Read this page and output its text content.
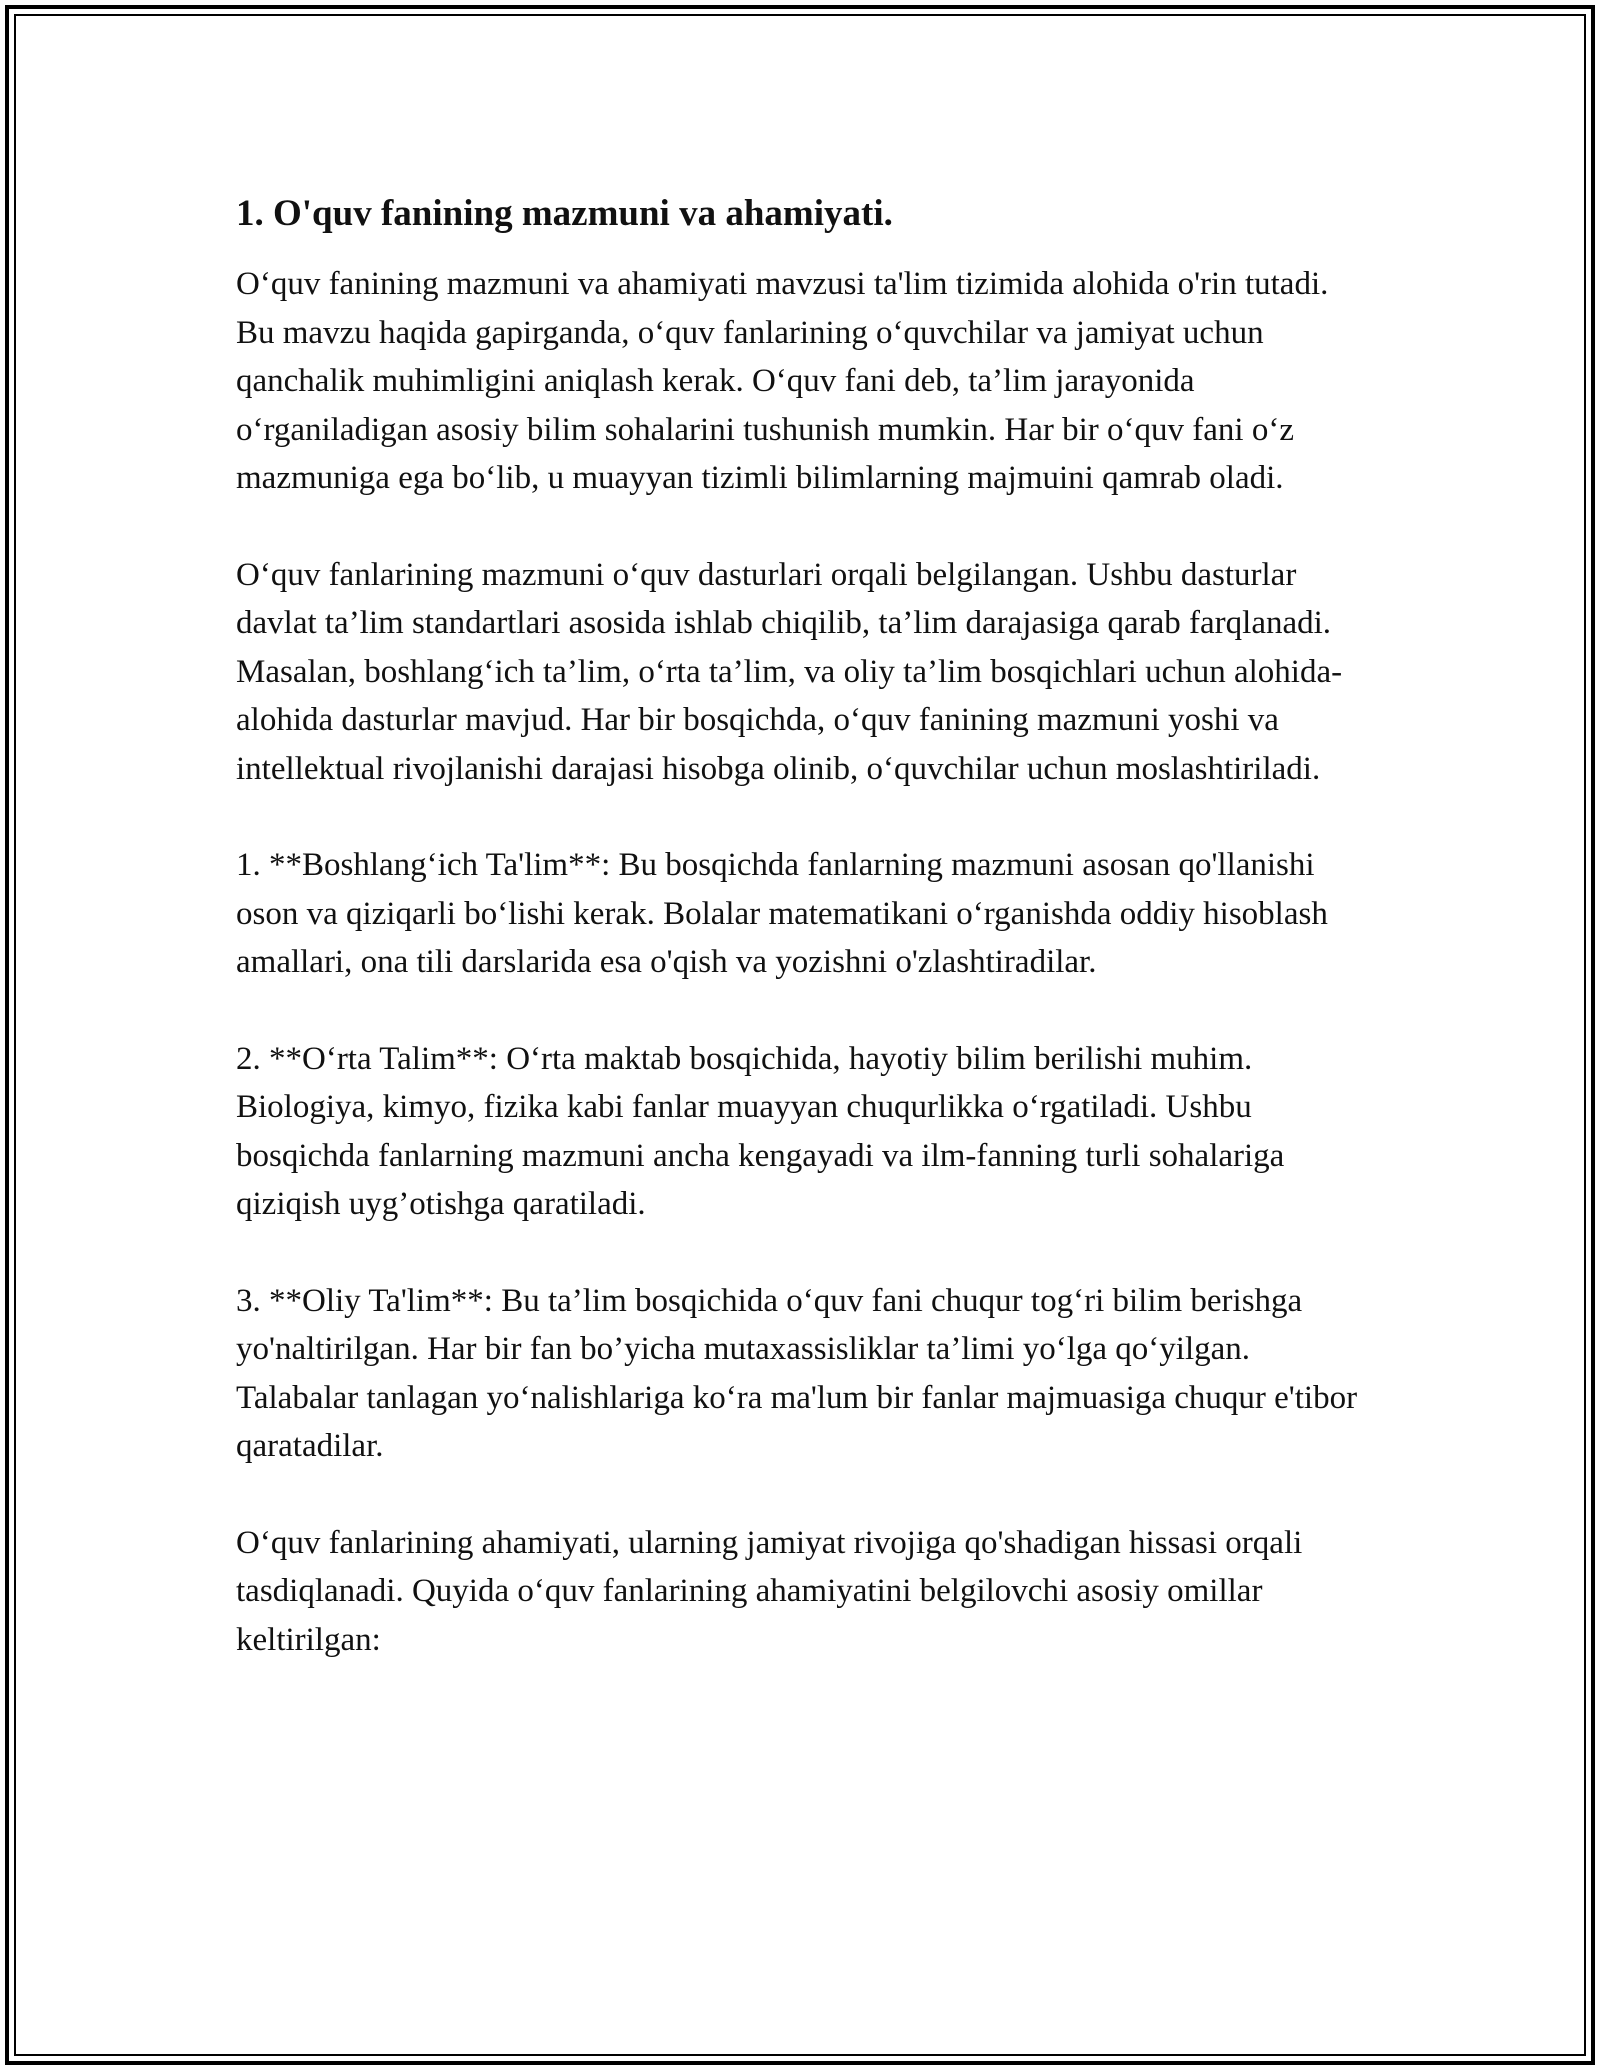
1. O'quv fanining mazmuni va ahamiyati.

O‘quv fanining mazmuni va ahamiyati mavzusi ta'lim tizimida alohida o'rin tutadi. Bu mavzu haqida gapirganda, o‘quv fanlarining o‘quvchilar va jamiyat uchun qanchalik muhimligini aniqlash kerak. O‘quv fani deb, ta’lim jarayonida o‘rganiladigan asosiy bilim sohalarini tushunish mumkin. Har bir o‘quv fani o‘z mazmuniga ega bo‘lib, u muayyan tizimli bilimlarning majmuini qamrab oladi.

O‘quv fanlarining mazmuni o‘quv dasturlari orqali belgilangan. Ushbu dasturlar davlat ta’lim standartlari asosida ishlab chiqilib, ta’lim darajasiga qarab farqlanadi. Masalan, boshlang‘ich ta’lim, o‘rta ta’lim, va oliy ta’lim bosqichlari uchun alohida-alohida dasturlar mavjud. Har bir bosqichda, o‘quv fanining mazmuni yoshi va intellektual rivojlanishi darajasi hisobga olinib, o‘quvchilar uchun moslashtiriladi.

1. **Boshlang‘ich Ta'lim**: Bu bosqichda fanlarning mazmuni asosan qo'llanishi oson va qiziqarli bo‘lishi kerak. Bolalar matematikani o‘rganishda oddiy hisoblash amallari, ona tili darslarida esa o'qish va yozishni o'zlashtiradilar.

2. **O‘rta Talim**: O‘rta maktab bosqichida, hayotiy bilim berilishi muhim. Biologiya, kimyo, fizika kabi fanlar muayyan chuqurlikka o‘rgatiladi. Ushbu bosqichda fanlarning mazmuni ancha kengayadi va ilm-fanning turli sohalariga qiziqish uyg’otishga qaratiladi.

3. **Oliy Ta'lim**: Bu ta’lim bosqichida o‘quv fani chuqur tog‘ri bilim berishga yo'naltirilgan. Har bir fan bo’yicha mutaxassisliklar ta’limi yo‘lga qo‘yilgan. Talabalar tanlagan yo‘nalishlariga ko‘ra ma'lum bir fanlar majmuasiga chuqur e'tibor qaratadilar.

O‘quv fanlarining ahamiyati, ularning jamiyat rivojiga qo'shadigan hissasi orqali tasdiqlanadi. Quyida o‘quv fanlarining ahamiyatini belgilovchi asosiy omillar keltirilgan:
